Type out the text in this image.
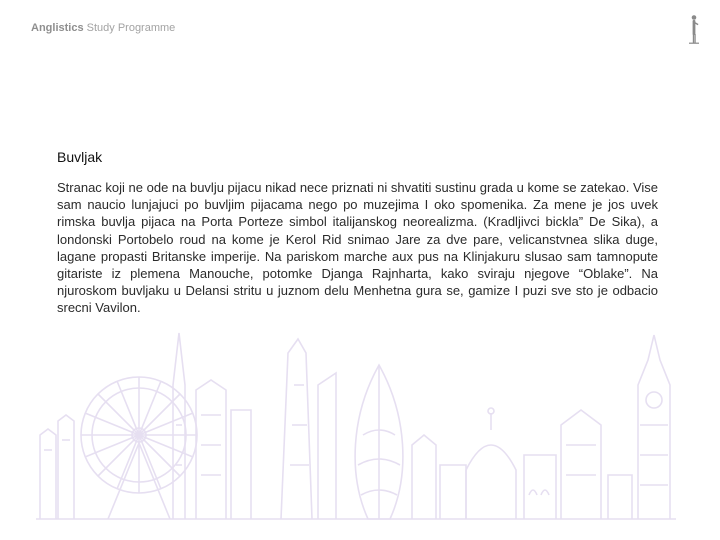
Anglistics Study Programme
Buvljak

Stranac koji ne ode na buvlju pijacu nikad nece priznati ni shvatiti sustinu grada u kome se zatekao. Vise sam naucio lunjajuci po buvljim pijacama nego po muzejima I oko spomenika. Za mene je jos uvek rimska buvlja pijaca na Porta Porteze simbol italijanskog neorealizma. (Kradljivci bickla” De Sika), a londonski Portobelo roud na kome je Kerol Rid snimao Jare za dve pare, velicanstvnea slika duge, lagane propasti Britanske imperije. Na pariskom marche aux pus na Klinjakuru slusao sam tamnopute gitariste iz plemena Manouche, potomke Djanga Rajnharta, kako sviraju njegove “Oblake”. Na njuroskom buvljaku u Delansi stritu u juznom delu Menhetna gura se, gamize I puzi sve sto je odbacio srecni Vavilon.
